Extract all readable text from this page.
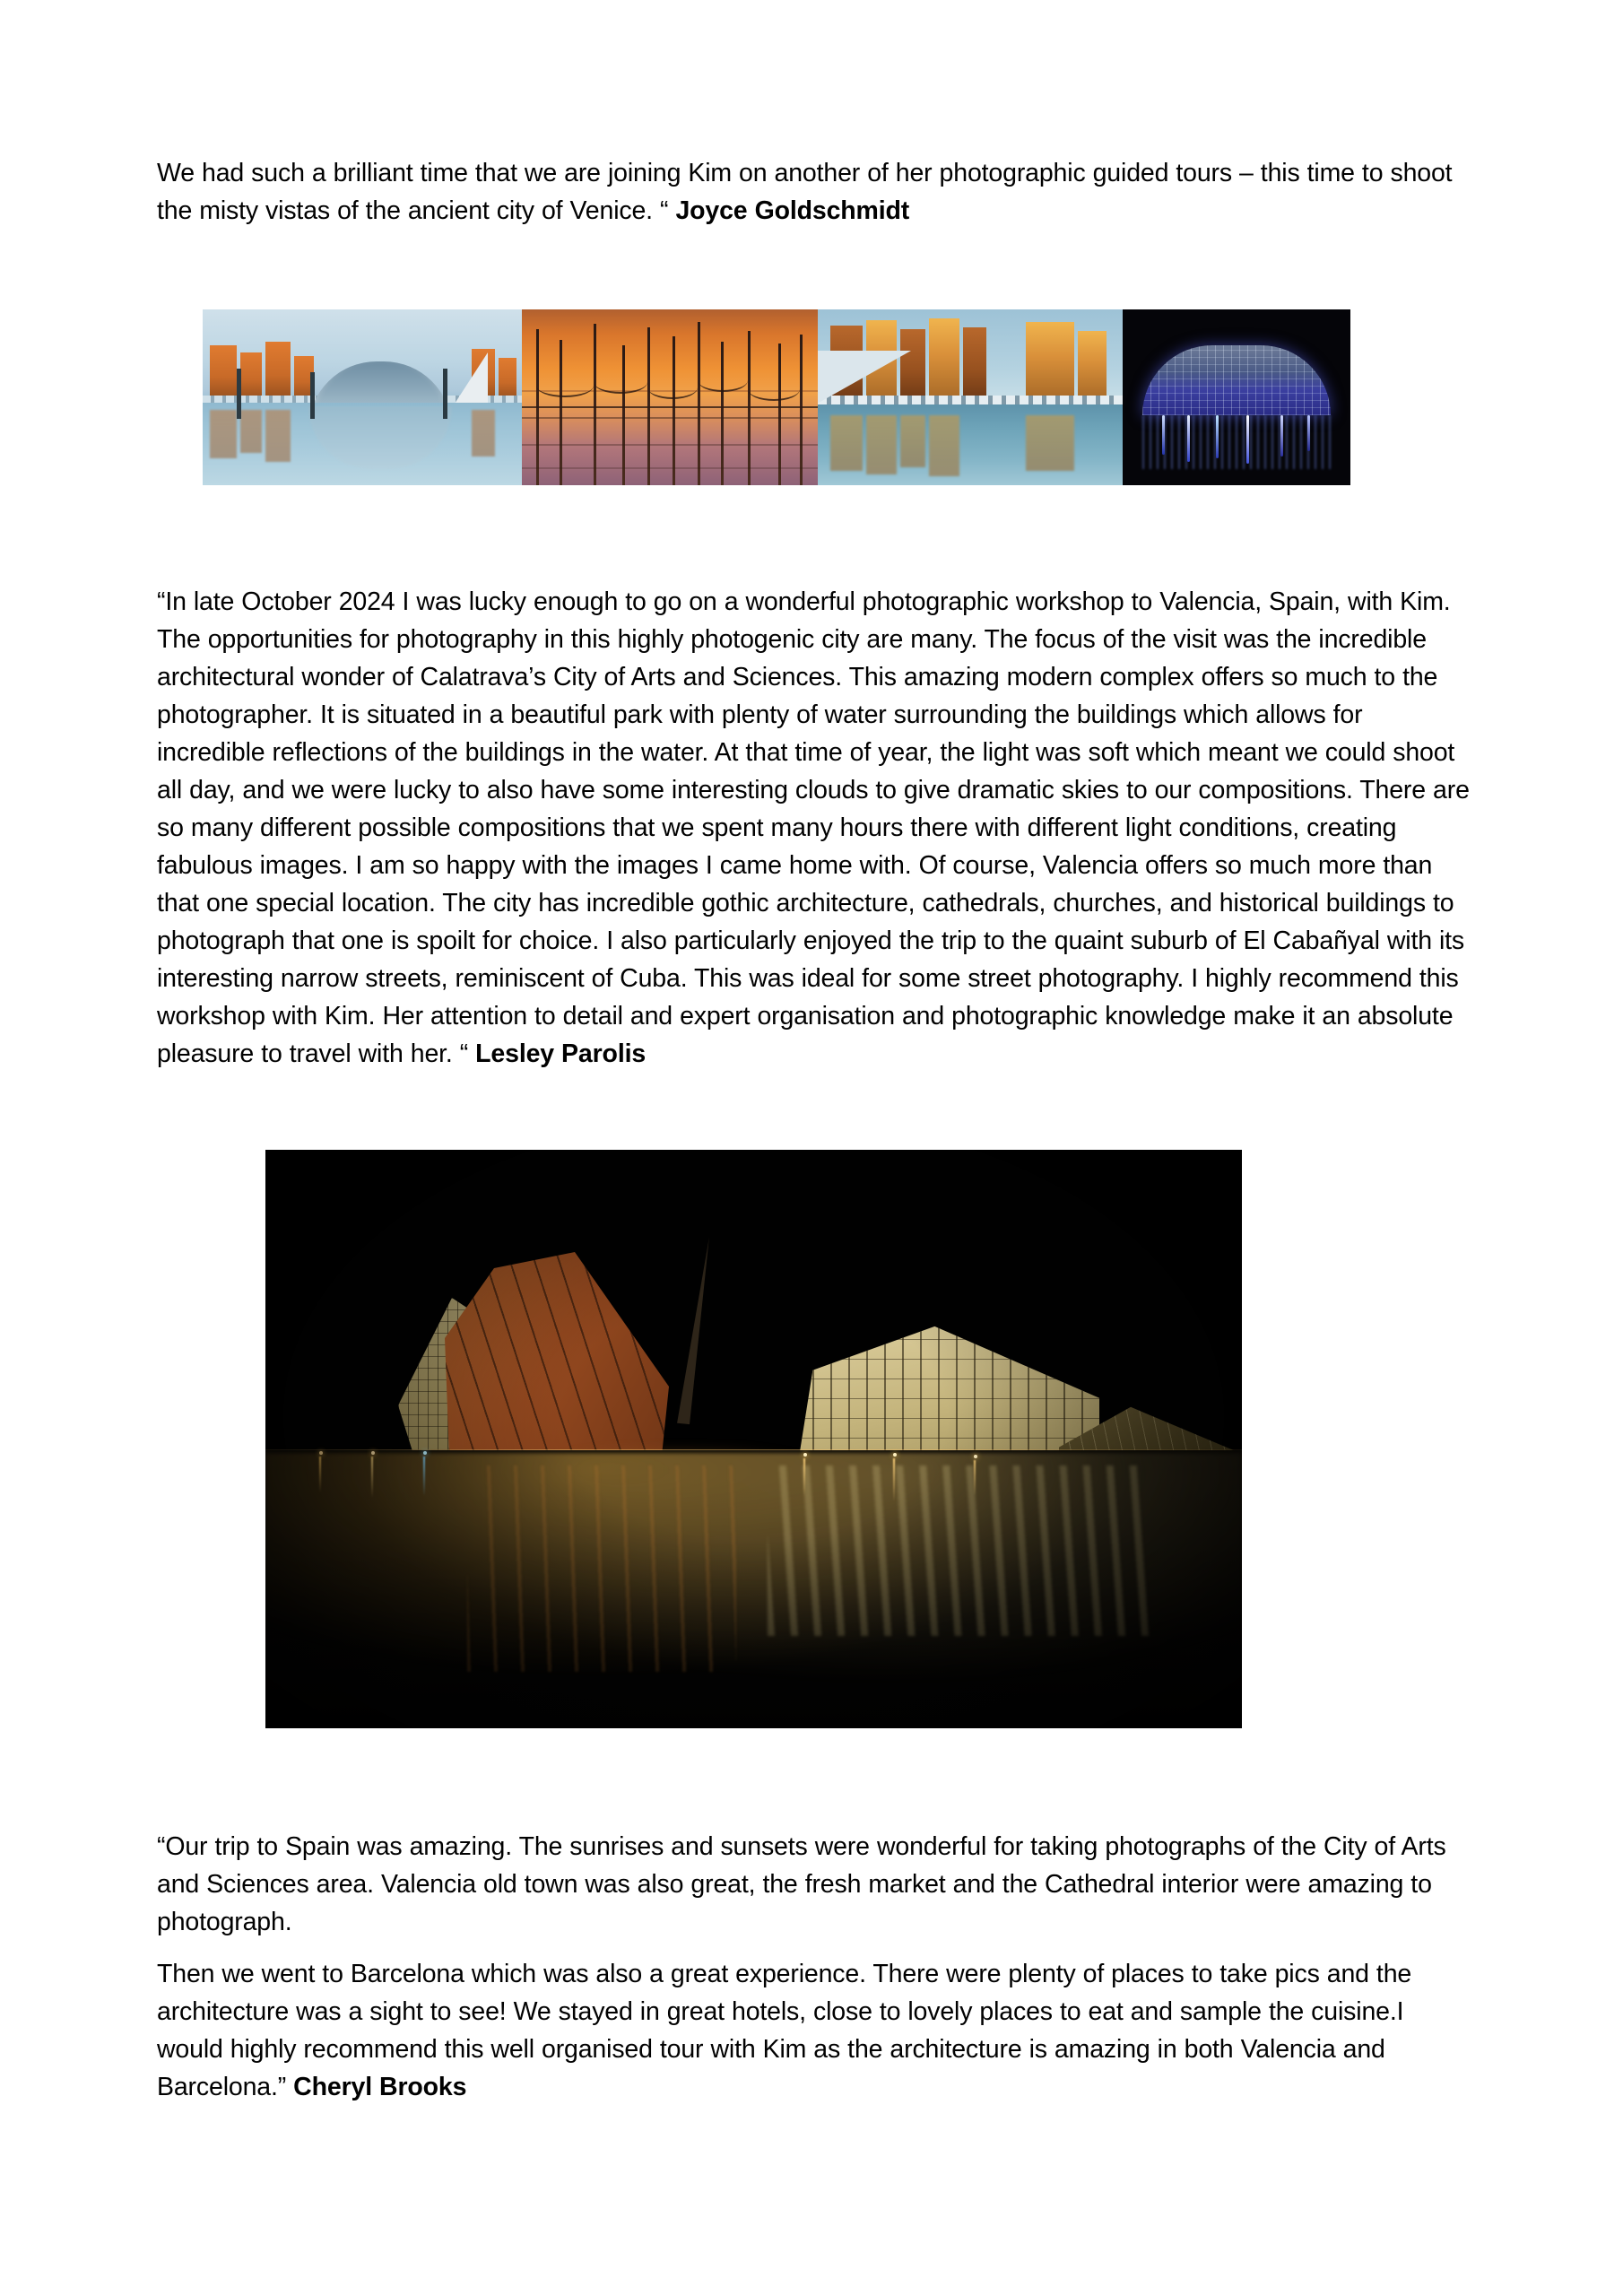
We had such a brilliant time that we are joining Kim on another of her photographic guided tours – this time to shoot the misty vistas of the ancient city of Venice. “ Joyce Goldschmidt

“In late October 2024 I was lucky enough to go on a wonderful photographic workshop to Valencia, Spain, with Kim. The opportunities for photography in this highly photogenic city are many. The focus of the visit was the incredible architectural wonder of Calatrava’s City of Arts and Sciences. This amazing modern complex offers so much to the photographer. It is situated in a beautiful park with plenty of water surrounding the buildings which allows for incredible reflections of the buildings in the water. At that time of year, the light was soft which meant we could shoot all day, and we were lucky to also have some interesting clouds to give dramatic skies to our compositions. There are so many different possible compositions that we spent many hours there with different light conditions, creating fabulous images. I am so happy with the images I came home with. Of course, Valencia offers so much more than that one special location. The city has incredible gothic architecture, cathedrals, churches, and historical buildings to photograph that one is spoilt for choice. I also particularly enjoyed the trip to the quaint suburb of El Cabañyal with its interesting narrow streets, reminiscent of Cuba. This was ideal for some street photography. I highly recommend this workshop with Kim. Her attention to detail and expert organisation and photographic knowledge make it an absolute pleasure to travel with her. “ Lesley Parolis

“Our trip to Spain was amazing. The sunrises and sunsets were wonderful for taking photographs of the City of Arts and Sciences area. Valencia old town was also great, the fresh market and the Cathedral interior were amazing to photograph.

Then we went to Barcelona which was also a great experience. There were plenty of places to take pics and the architecture was a sight to see! We stayed in great hotels, close to lovely places to eat and sample the cuisine.I would highly recommend this well organised tour with Kim as the architecture is amazing in both Valencia and Barcelona.” Cheryl Brooks
